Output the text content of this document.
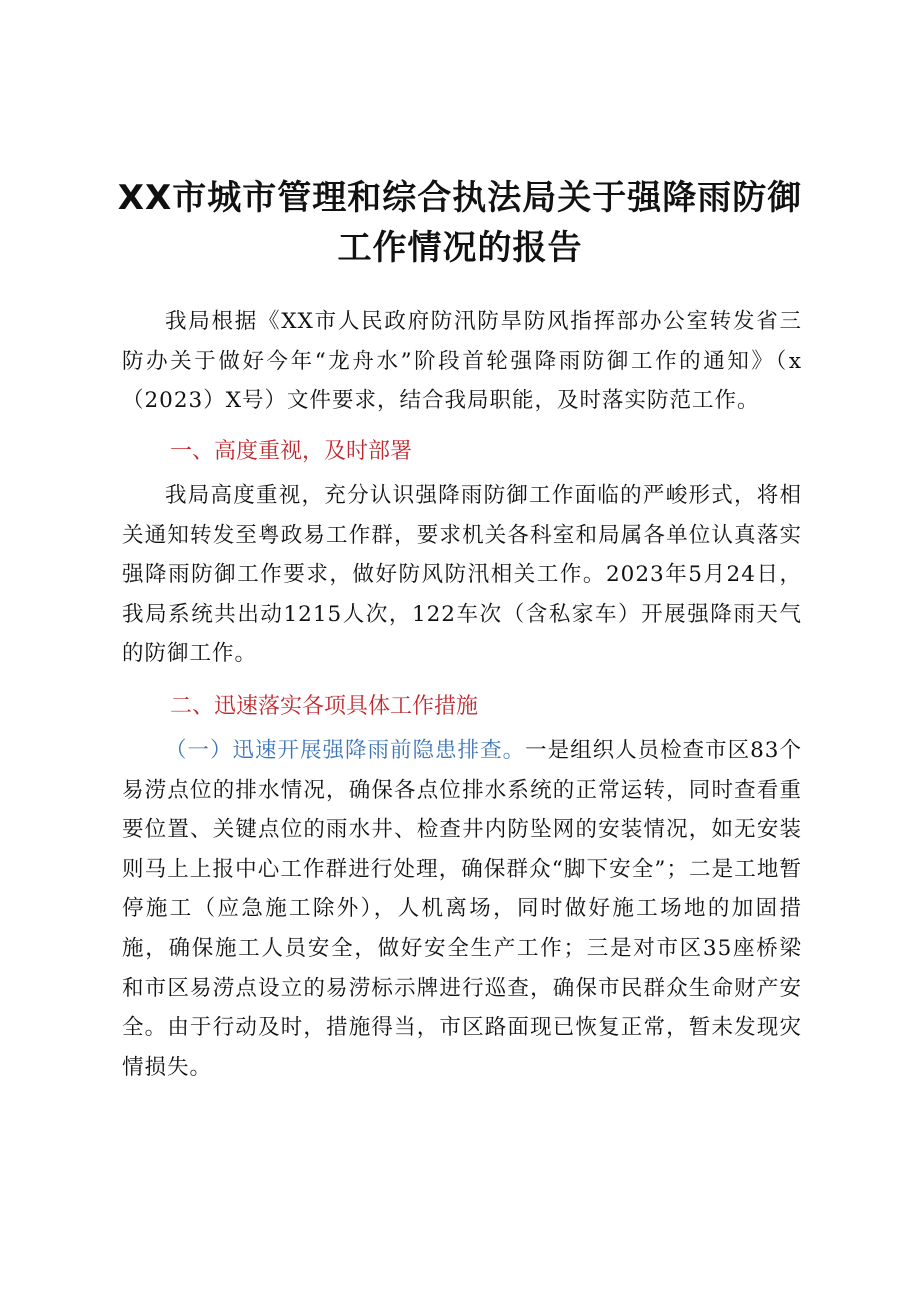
XX市城市管理和综合执法局关于强降雨防御
工作情况的报告

我局根据《XX市人民政府防汛防旱防风指挥部办公室转发省三防办关于做好今年“龙舟水”阶段首轮强降雨防御工作的通知》（x（2023）X号）文件要求，结合我局职能，及时落实防范工作。

一、高度重视，及时部署

我局高度重视，充分认识强降雨防御工作面临的严峻形式，将相关通知转发至粤政易工作群，要求机关各科室和局属各单位认真落实强降雨防御工作要求，做好防风防汛相关工作。2023年5月24日，我局系统共出动1215人次，122车次（含私家车）开展强降雨天气的防御工作。

二、迅速落实各项具体工作措施

（一）迅速开展强降雨前隐患排查。一是组织人员检查市区83个易涝点位的排水情况，确保各点位排水系统的正常运转，同时查看重要位置、关键点位的雨水井、检查井内防坠网的安装情况，如无安装则马上上报中心工作群进行处理，确保群众“脚下安全”；二是工地暂停施工（应急施工除外），人机离场，同时做好施工场地的加固措施，确保施工人员安全，做好安全生产工作；三是对市区35座桥梁和市区易涝点设立的易涝标示牌进行巡查，确保市民群众生命财产安全。由于行动及时，措施得当，市区路面现已恢复正常，暂未发现灾情损失。
